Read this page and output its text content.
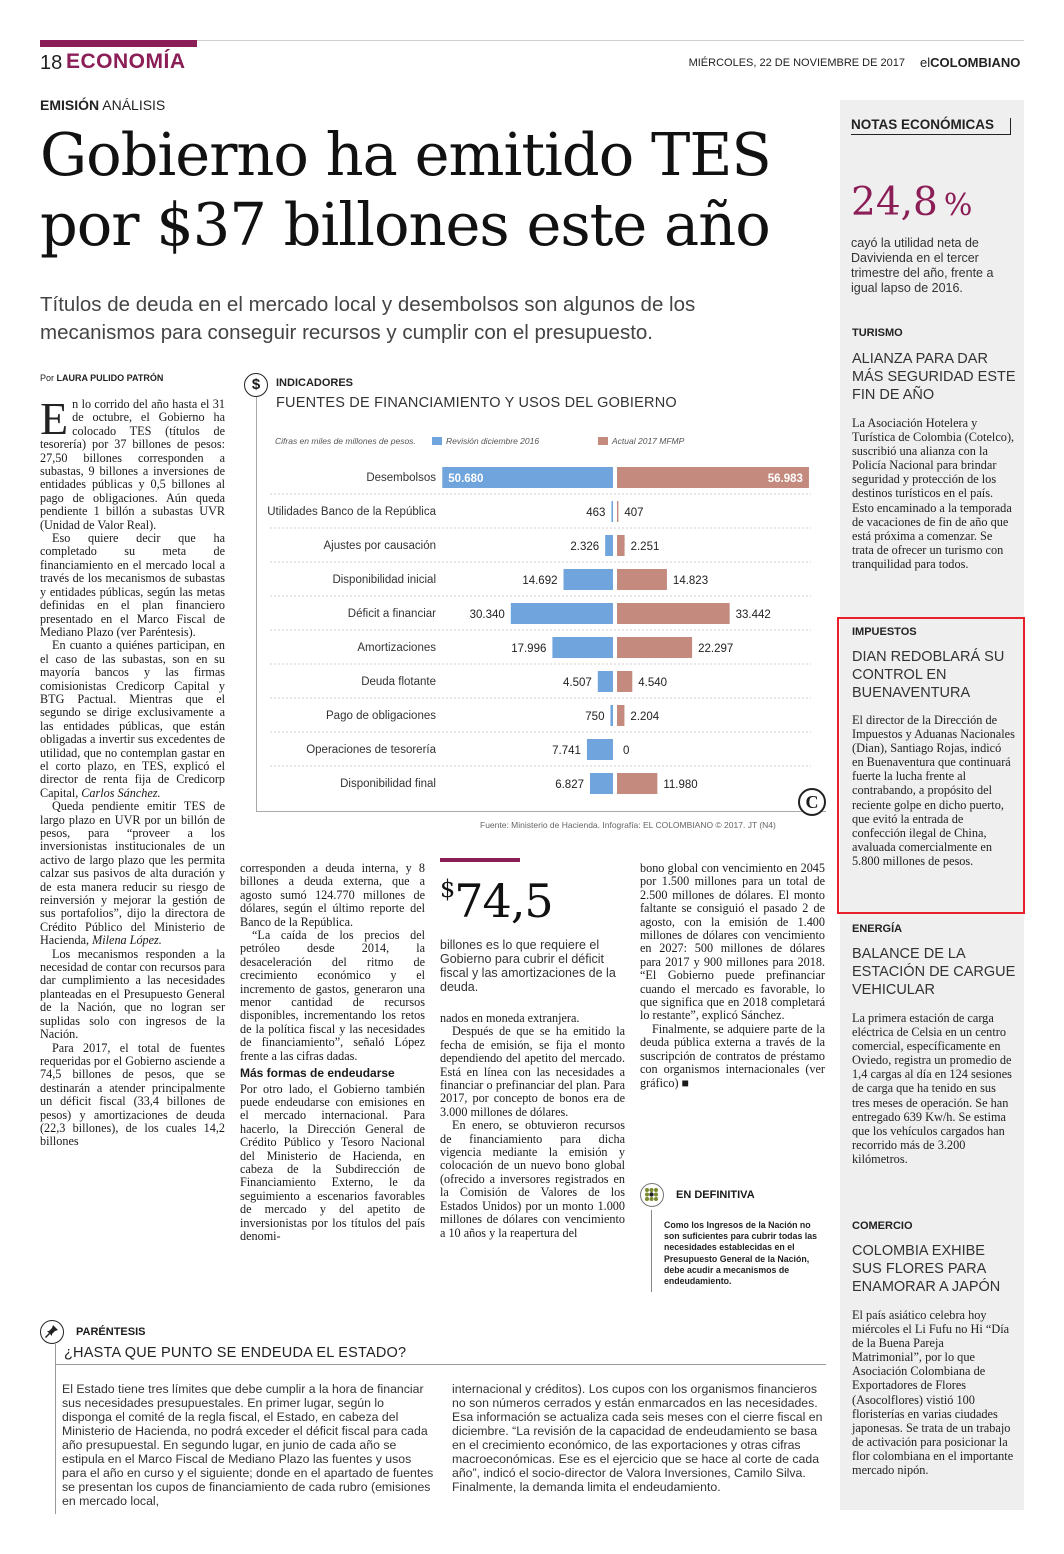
18 ECONOMÍA	MIÉRCOLES, 22 DE NOVIEMBRE DE 2017 elCOLOMBIANO
EMISIÓN ANÁLISIS
Gobierno ha emitido TES por $37 billones este año
Títulos de deuda en el mercado local y desembolsos son algunos de los mecanismos para conseguir recursos y cumplir con el presupuesto.
Por LAURA PULIDO PATRÓN

En lo corrido del año hasta el 31 de octubre, el Gobierno ha colocado TES (títulos de tesorería) por 37 billones de pesos: 27,50 billones corresponden a subastas, 9 billones a inversiones de entidades públicas y 0,5 billones al pago de obligaciones. Aún queda pendiente 1 billón a subastas UVR (Unidad de Valor Real).

Eso quiere decir que ha completado su meta de financiamiento en el mercado local a través de los mecanismos de subastas y entidades públicas, según las metas definidas en el plan financiero presentado en el Marco Fiscal de Mediano Plazo (ver Paréntesis).

En cuanto a quiénes participan, en el caso de las subastas, son en su mayoría bancos y las firmas comisionistas Credicorp Capital y BTG Pactual. Mientras que el segundo se dirige exclusivamente a las entidades públicas, que están obligadas a invertir sus excedentes de utilidad, que no contemplan gastar en el corto plazo, en TES, explicó el director de renta fija de Credicorp Capital, Carlos Sánchez.

Queda pendiente emitir TES de largo plazo en UVR por un billón de pesos, para “proveer a los inversionistas institucionales de un activo de largo plazo que les permita calzar sus pasivos de alta duración y de esta manera reducir su riesgo de reinversión y mejorar la gestión de sus portafolios”, dijo la directora de Crédito Público del Ministerio de Hacienda, Milena López.

Los mecanismos responden a la necesidad de contar con recursos para dar cumplimiento a las necesidades planteadas en el Presupuesto General de la Nación, que no logran ser suplidas solo con ingresos de la Nación.

Para 2017, el total de fuentes requeridas por el Gobierno asciende a 74,5 billones de pesos, que se destinarán a atender principalmente un déficit fiscal (33,4 billones de pesos) y amortizaciones de deuda (22,3 billones), de los cuales 14,2 billones

$	INDICADORES
FUENTES DE FINANCIAMIENTO Y USOS DEL GOBIERNO
Cifras en miles de millones de pesos.	Revisión diciembre 2016	Actual 2017 MFMP
Desembolsos 50.680	56.983
Utilidades Banco de la República	463 407
Ajustes por causación	2.326	2.251
Disponibilidad inicial	14.692	14.823
Déficit a financiar	30.340	33.442
Amortizaciones	17.996	22.297
Deuda flotante	4.507	4.540
Pago de obligaciones	750 2.204
Operaciones de tesorería	7.741	0
Disponibilidad final	6.827	11.980
Fuente: Ministerio de Hacienda. Infografía: EL COLOMBIANO © 2017. JT (N4)
C

corresponden a deuda interna, y 8 billones a deuda externa, que a agosto sumó 124.770 millones de dólares, según el último reporte del Banco de la República.

“La caída de los precios del petróleo desde 2014, la desaceleración del ritmo de crecimiento económico y el incremento de gastos, generaron una menor cantidad de recursos disponibles, incrementando los retos de la política fiscal y las necesidades de financiamiento”, señaló López frente a las cifras dadas.

Más formas de endeudarse

Por otro lado, el Gobierno también puede endeudarse con emisiones en el mercado internacional. Para hacerlo, la Dirección General de Crédito Público y Tesoro Nacional del Ministerio de Hacienda, en cabeza de la Subdirección de Financiamiento Externo, le da seguimiento a escenarios favorables de mercado y del apetito de inversionistas por los títulos del país denomi-

$74,5
billones es lo que requiere el Gobierno para cubrir el déficit fiscal y las amortizaciones de la deuda.

nados en moneda extranjera.

Después de que se ha emitido la fecha de emisión, se fija el monto dependiendo del apetito del mercado. Está en línea con las necesidades a financiar o prefinanciar del plan. Para 2017, por concepto de bonos era de 3.000 millones de dólares.

En enero, se obtuvieron recursos de financiamiento para dicha vigencia mediante la emisión y colocación de un nuevo bono global (ofrecido a inversores registrados en la Comisión de Valores de los Estados Unidos) por un monto 1.000 millones de dólares con vencimiento a 10 años y la reapertura del

bono global con vencimiento en 2045 por 1.500 millones para un total de 2.500 millones de dólares. El monto faltante se consiguió el pasado 2 de agosto, con la emisión de 1.400 millones de dólares con vencimiento en 2027: 500 millones de dólares para 2017 y 900 millones para 2018. “El Gobierno puede prefinanciar cuando el mercado es favorable, lo que significa que en 2018 completará lo restante”, explicó Sánchez.

Finalmente, se adquiere parte de la deuda pública externa a través de la suscripción de contratos de préstamo con organismos internacionales (ver gráfico) ■

EN DEFINITIVA
Como los Ingresos de la Nación no son suficientes para cubrir todas las necesidades establecidas en el Presupuesto General de la Nación, debe acudir a mecanismos de endeudamiento.
PARÉNTESIS
¿HASTA QUE PUNTO SE ENDEUDA EL ESTADO?
El Estado tiene tres límites que debe cumplir a la hora de financiar sus necesidades presupuestales. En primer lugar, según lo disponga el comité de la regla fiscal, el Estado, en cabeza del Ministerio de Hacienda, no podrá exceder el déficit fiscal para cada año presupuestal. En segundo lugar, en junio de cada año se estipula en el Marco Fiscal de Mediano Plazo las fuentes y usos para el año en curso y el siguiente; donde en el apartado de fuentes se presentan los cupos de financiamiento de cada rubro (emisiones en mercado local,
internacional y créditos). Los cupos con los organismos financieros no son números cerrados y están enmarcados en las necesidades. Esa información se actualiza cada seis meses con el cierre fiscal en diciembre. “La revisión de la capacidad de endeudamiento se basa en el crecimiento económico, de las exportaciones y otras cifras macroeconómicas. Ese es el ejercicio que se hace al corte de cada año”, indicó el socio-director de Valora Inversiones, Camilo Silva. Finalmente, la demanda limita el endeudamiento.
NOTAS ECONÓMICAS
24,8 %
cayó la utilidad neta de Davivienda en el tercer trimestre del año, frente a igual lapso de 2016.
TURISMO
ALIANZA PARA DAR MÁS SEGURIDAD ESTE FIN DE AÑO
La Asociación Hotelera y Turística de Colombia (Cotelco), suscribió una alianza con la Policía Nacional para brindar seguridad y protección de los destinos turísticos en el país. Esto encaminado a la temporada de vacaciones de fin de año que está próxima a comenzar. Se trata de ofrecer un turismo con tranquilidad para todos.
IMPUESTOS
DIAN REDOBLARÁ SU CONTROL EN BUENAVENTURA
El director de la Dirección de Impuestos y Aduanas Nacionales (Dian), Santiago Rojas, indicó en Buenaventura que continuará fuerte la lucha frente al contrabando, a propósito del reciente golpe en dicho puerto, que evitó la entrada de confección ilegal de China, avaluada comercialmente en 5.800 millones de pesos.
ENERGÍA
BALANCE DE LA ESTACIÓN DE CARGUE VEHICULAR
La primera estación de carga eléctrica de Celsia en un centro comercial, específicamente en Oviedo, registra un promedio de 1,4 cargas al día en 124 sesiones de carga que ha tenido en sus tres meses de operación. Se han entregado 639 Kw/h. Se estima que los vehículos cargados han recorrido más de 3.200 kilómetros.
COMERCIO
COLOMBIA EXHIBE SUS FLORES PARA ENAMORAR A JAPÓN
El país asiático celebra hoy miércoles el Li Fufu no Hi “Día de la Buena Pareja Matrimonial”, por lo que Asociación Colombiana de Exportadores de Flores (Asocolflores) vistió 100 floristerías en varias ciudades japonesas. Se trata de un trabajo de activación para posicionar la flor colombiana en el importante mercado nipón.
